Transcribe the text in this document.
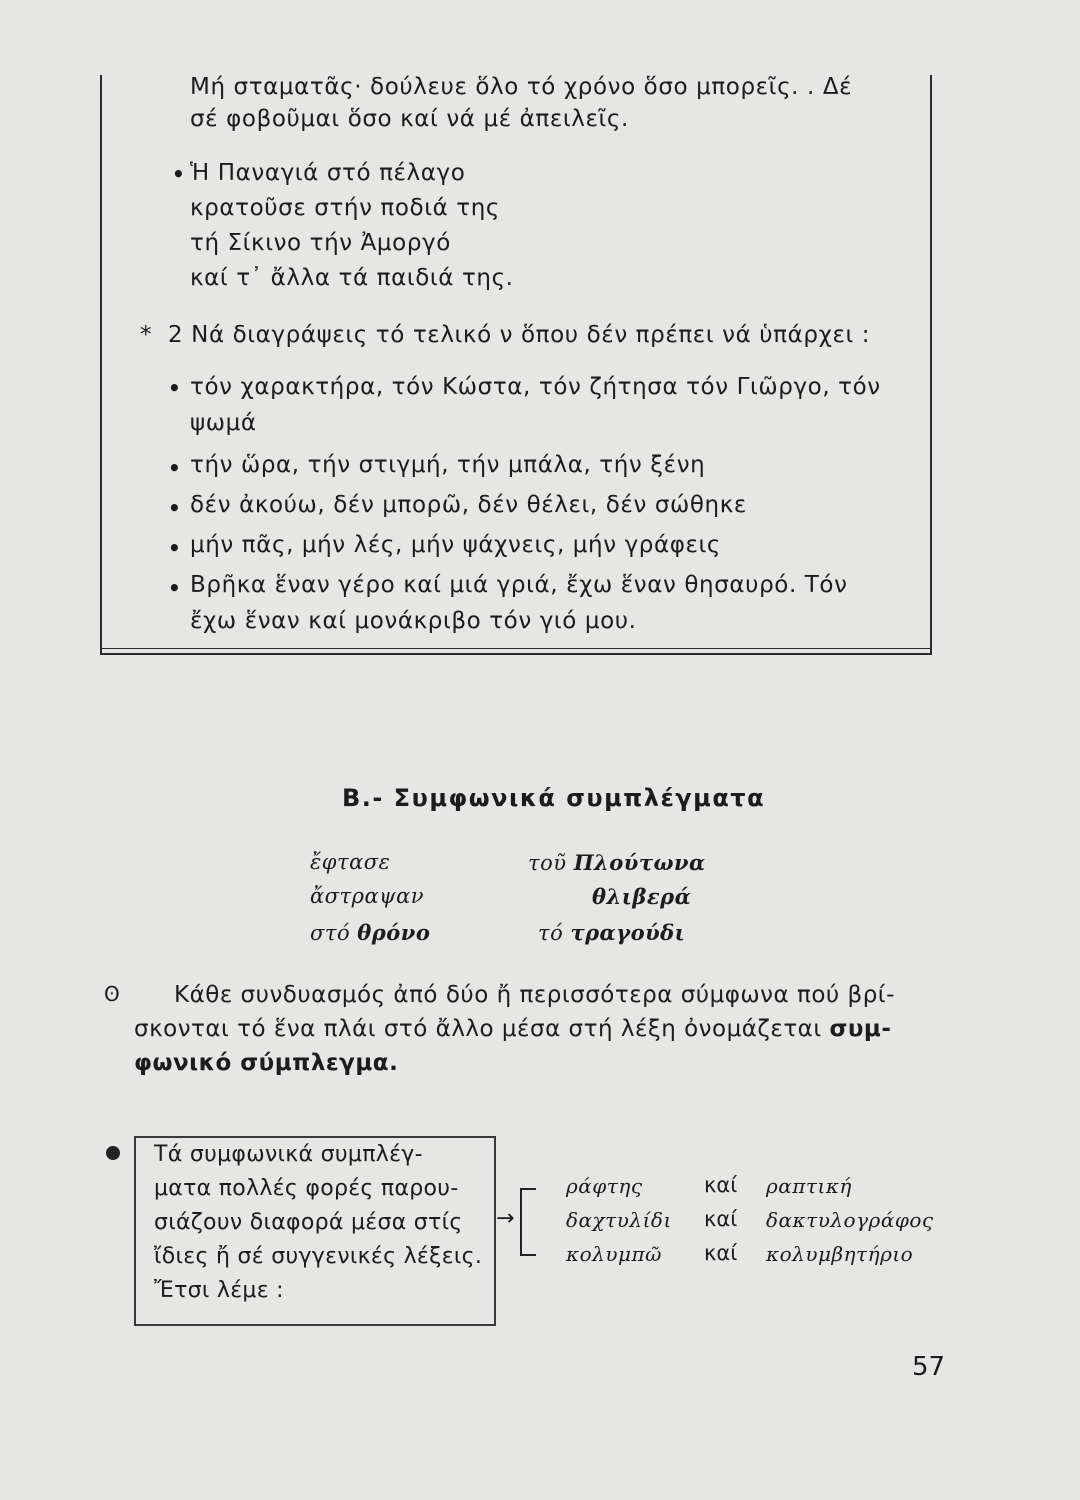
Μή σταματᾶς· δούλευε ὅλο τό χρόνο ὅσο μπορεῖς. . Δέ
σέ φοβοῦμαι ὅσο καί νά μέ ἀπειλεῖς.
• Ἡ Παναγιά στό πέλαγο
κρατοῦσε στήν ποδιά της
τή Σίκινο τήν Ἀμοργό
καί τ᾽ ἄλλα τά παιδιά της.
* 2 Νά διαγράψεις τό τελικό ν ὅπου δέν πρέπει νά ὑπάρχει :
• τόν χαρακτήρα, τόν Κώστα, τόν ζήτησα τόν Γιῶργο, τόν
ψωμά
• τήν ὥρα, τήν στιγμή, τήν μπάλα, τήν ξένη
• δέν ἀκούω, δέν μπορῶ, δέν θέλει, δέν σώθηκε
• μήν πᾶς, μήν λές, μήν ψάχνεις, μήν γράφεις
• Βρῆκα ἕναν γέρο καί μιά γριά, ἔχω ἕναν θησαυρό. Τόν
ἔχω ἕναν καί μονάκριβο τόν γιό μου.
Β.- Συμφωνικά συμπλέγματα
ἔφτασε
ἄστραψαν
στό θρόνο
τοῦ Πλούτωνα
θλιβερά
τό τραγούδι
ʘ Κάθε συνδυασμός ἀπό δύο ἤ περισσότερα σύμφωνα πού βρί-
σκονται τό ἕνα πλάι στό ἄλλο μέσα στή λέξη ὀνομάζεται συμ-
φωνικό σύμπλεγμα.
Τά συμφωνικά συμπλέγ-
ματα πολλές φορές παρου-
σιάζουν διαφορά μέσα στίς
ἴδιες ἤ σέ συγγενικές λέξεις.
Ἔτσι λέμε :
→
ράφτης	καί ραπτική
δαχτυλίδι καί δακτυλογράφος
κολυμπῶ καί κολυμβητήριο
57
